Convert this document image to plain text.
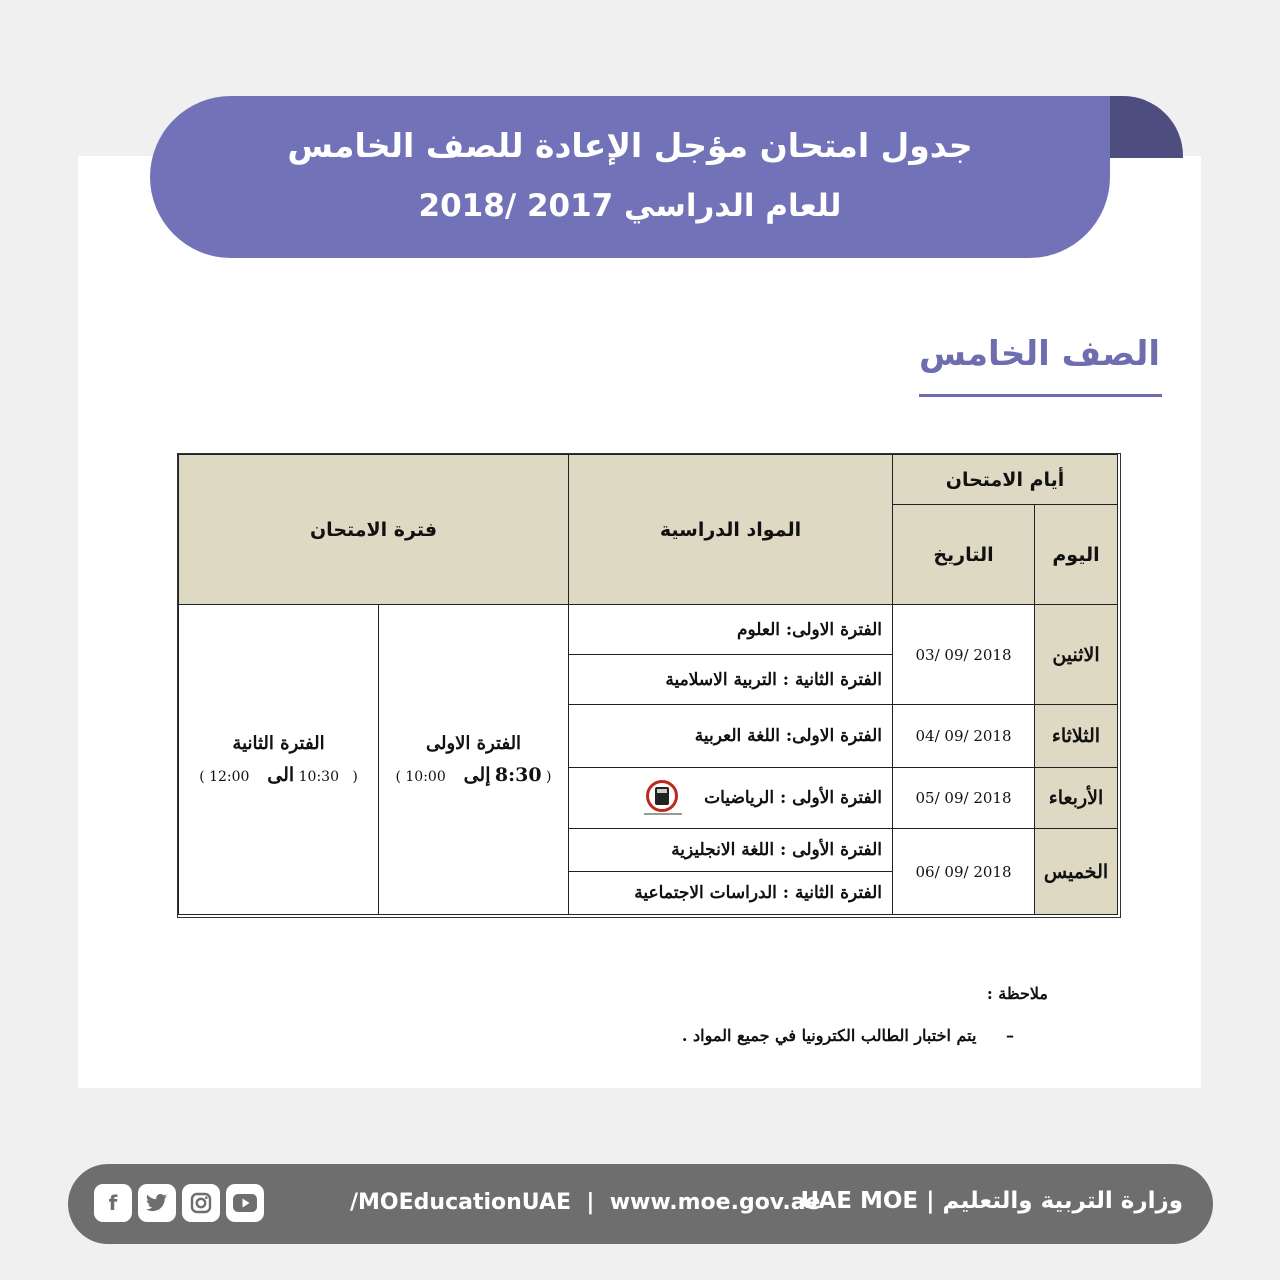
جدول امتحان مؤجل الإعادة للصف الخامس
للعام الدراسي 2017 /2018
الصف الخامس
أيام الامتحان
اليوم
التاريخ
المواد الدراسية
فترة الامتحان
الاثنين
03/ 09/ 2018
الفترة الاولى: العلوم
الفترة الثانية : التربية الاسلامية
الثلاثاء
04/ 09/ 2018
الفترة الاولى: اللغة العربية
الأربعاء
05/ 09/ 2018
الفترة الأولى : الرياضيات
الخميس
06/ 09/ 2018
الفترة الأولى : اللغة الانجليزية
الفترة الثانية : الدراسات الاجتماعية
الفترة الاولى
( 8:30 إلى    10:00 )
الفترة الثانية
(   10:30 الى    12:00 )
ملاحظة :
– يتم اختبار الطالب الكترونيا في جميع المواد .
f	/MOEducationUAE  |  www.moe.gov.ae
وزارة التربية والتعليم | UAE MOE
